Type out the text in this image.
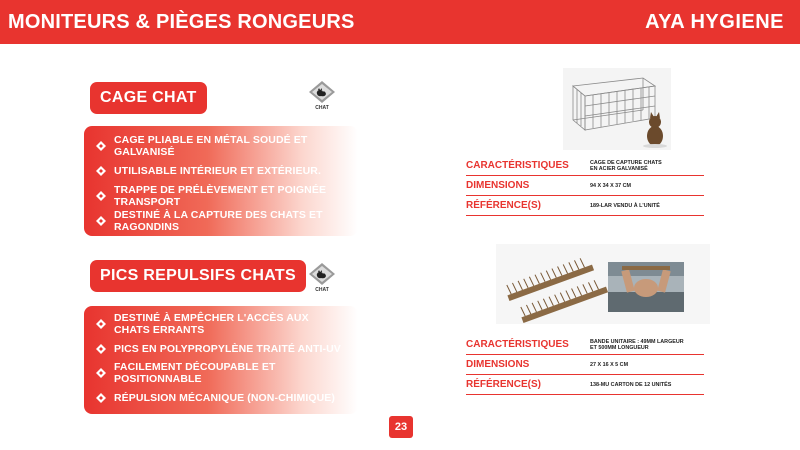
MONITEURS & PIÈGES RONGEURS	AYA HYGIENE
CAGE CHAT
CHAT
CAGE PLIABLE EN MÉTAL SOUDÉ ET GALVANISÉ
UTILISABLE INTÉRIEUR ET EXTÉRIEUR.
TRAPPE DE PRÉLÈVEMENT ET POIGNÉE TRANSPORT
DESTINÉ À LA CAPTURE DES CHATS ET RAGONDINS
PICS REPULSIFS CHATS
CHAT
DESTINÉ À EMPÊCHER L'ACCÈS AUX CHATS ERRANTS
PICS EN POLYPROPYLÈNE TRAITÉ ANTI-UV
FACILEMENT DÉCOUPABLE ET POSITIONNABLE
RÉPULSION MÉCANIQUE (NON-CHIMIQUE)
CARACTÉRISTIQUES	CAGE DE CAPTURE CHATS
EN ACIER GALVANISÉ
DIMENSIONS	94 X 34 X 37 CM
RÉFÉRENCE(S)	189-LAR VENDU À L'UNITÉ
CARACTÉRISTIQUES	BANDE UNITAIRE : 49MM LARGEUR
ET 500MM LONGUEUR
DIMENSIONS	27 X 16 X 5 CM
RÉFÉRENCE(S)	138-MU CARTON DE 12 UNITÉS
23
